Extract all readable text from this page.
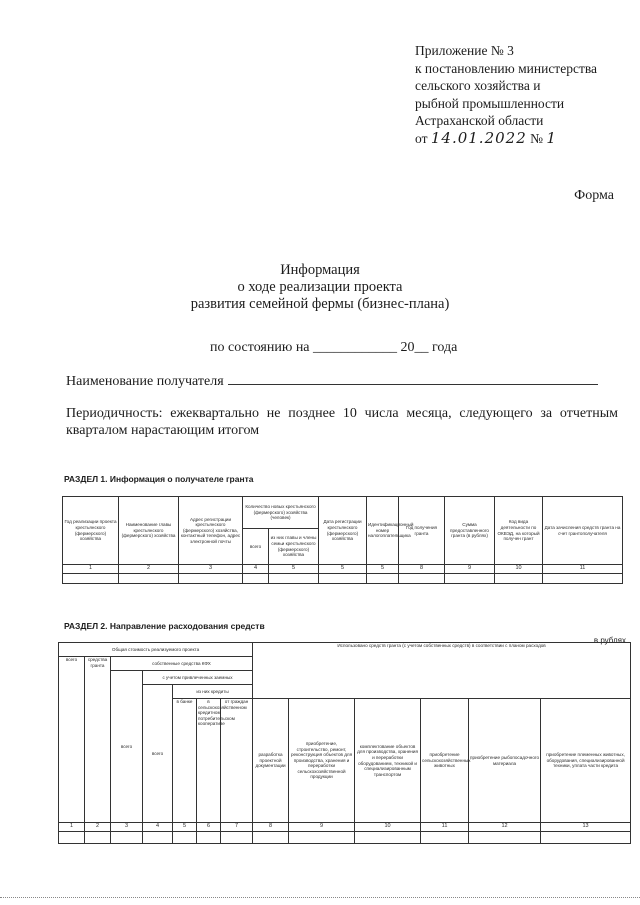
Приложение № 3
к постановлению министерства
сельского хозяйства и
рыбной промышленности
Астраханской области
от 14.01.2022 № 1
Форма
Информация
о ходе реализации проекта
развития семейной фермы (бизнес-плана)
по состоянию на ____________ 20__ года
Наименование получателя
Периодичность: ежеквартально не позднее 10 числа месяца, следующего за отчетным кварталом нарастающим итогом
РАЗДЕЛ 1. Информация о получателе гранта
Год реализации проекта крестьянского (фермерского) хозяйства	Наименование главы крестьянского (фермерского) хозяйства	Адрес регистрации крестьянского (фермерского) хозяйства, контактный телефон, адрес электронной почты	Количество новых крестьянского (фермерского) хозяйства (человек)		Дата регистрации крестьянского (фермерского) хозяйства	Идентификационный номер налогоплательщика	Год получения гранта	Сумма предоставленного гранта (в рублях)	Код вида деятельности по ОКВЭД, на который получен грант	Дата зачисления средств гранта на счет грантополучателя
			всего	из них главы и члены семьи крестьянского (фермерского) хозяйства						
1	2	3	4	5	5	5	8	9	10	11

РАЗДЕЛ 2. Направление расходования средств
в рублях
Общая стоимость реализуемого проекта							Использовано средств гранта (с учетом собственных средств) в соответствии с планом расходов					
всего	средства гранта	собственные средства КФХ										
		всего	с учетом привлеченных заемных									
			всего	из них кредиты								
				в банке	в сельскохозяйственном кредитном потребительском кооперативе	от граждан	разработка проектной документации	приобретение, строительство, ремонт, реконструкция объектов для производства, хранения и переработки сельскохозяйственной продукции	комплектование объектов для производства, хранения и переработки оборудованием, техникой и специализированным транспортом	приобретение сельскохозяйственных животных	приобретение рыбопосадочного материала	приобретение племенных животных, оборудования, специализированной техники, уплата части кредита

1	2	3	4	5	6	7	8	9	10	11	12	13
